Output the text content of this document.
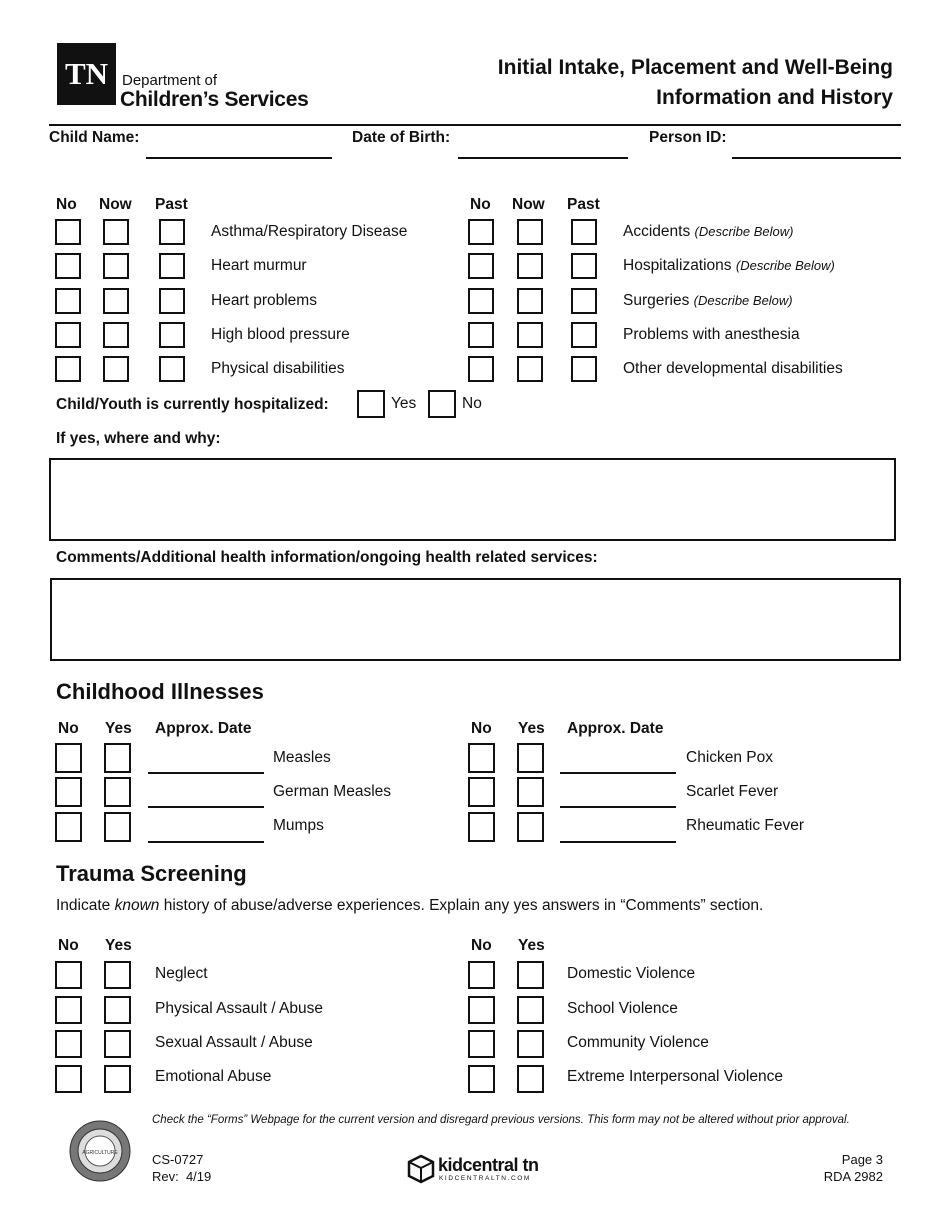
TN Department of
Children’s Services
Initial Intake, Placement and Well-Being
Information and History
Child Name:	Date of Birth:	Person ID:
No Now Past	No Now Past
Asthma/Respiratory Disease	Accidents (Describe Below)
Heart murmur	Hospitalizations (Describe Below)
Heart problems	Surgeries (Describe Below)
High blood pressure	Problems with anesthesia
Physical disabilities	Other developmental disabilities
Child/Youth is currently hospitalized:	Yes	No
If yes, where and why:
Comments/Additional health information/ongoing health related services:
Childhood Illnesses
No Yes Approx. Date	No Yes Approx. Date
Measles	Chicken Pox
German Measles	Scarlet Fever
Mumps	Rheumatic Fever
Trauma Screening
Indicate known history of abuse/adverse experiences. Explain any yes answers in “Comments” section.
No Yes	No Yes
Neglect	Domestic Violence
Physical Assault / Abuse	School Violence
Sexual Assault / Abuse	Community Violence
Emotional Abuse	Extreme Interpersonal Violence
AGRICULTURE
Check the “Forms” Webpage for the current version and disregard previous versions. This form may not be altered without prior approval.
CS-0727
Rev:  4/19
kidcentral tn
KIDCENTRALTN.COM
Page 3
RDA 2982
